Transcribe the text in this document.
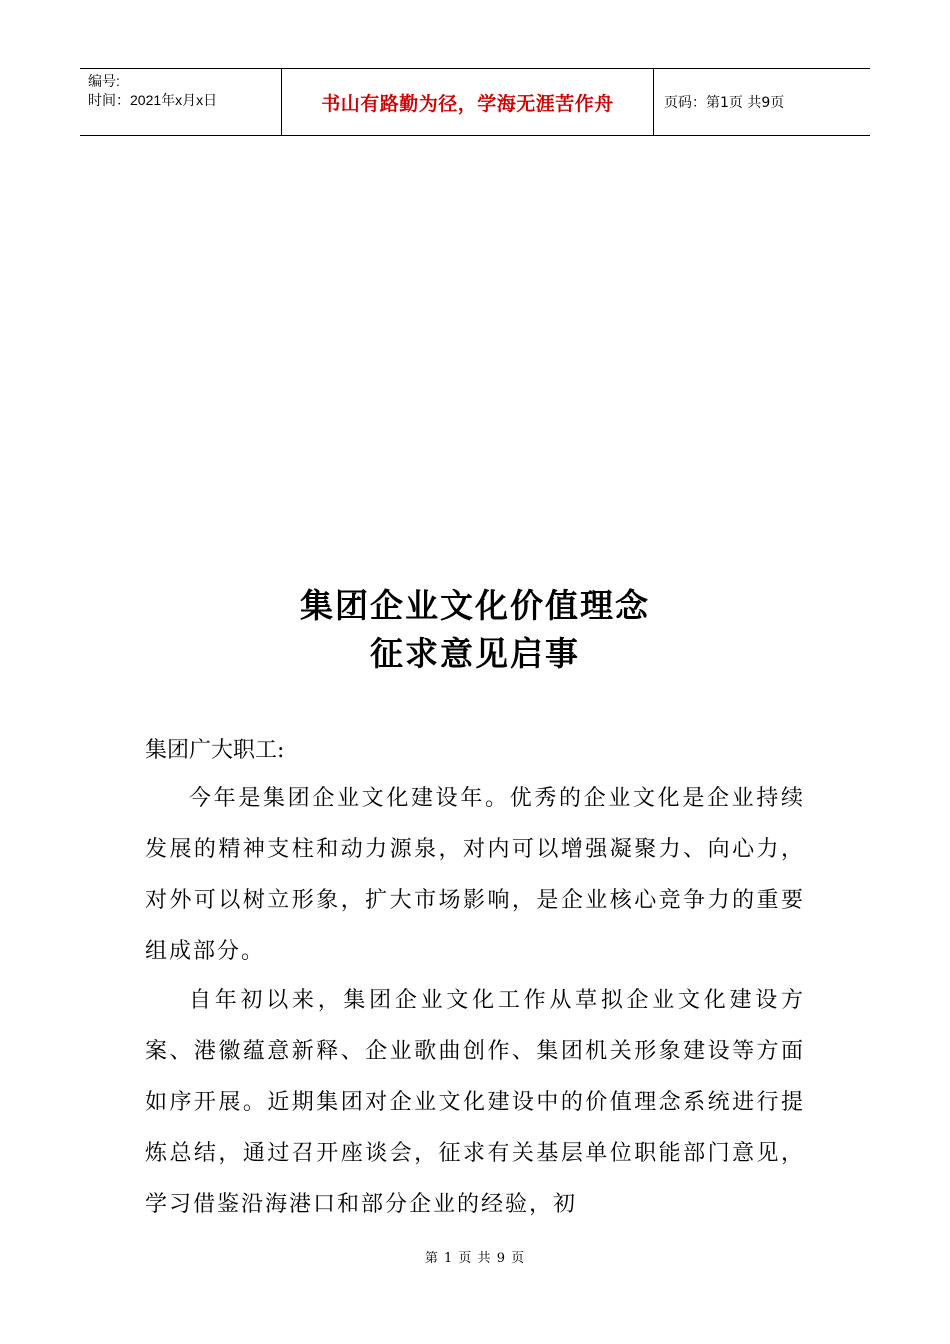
编号:
时间：2021年x月x日	书山有路勤为径，学海无涯苦作舟	页码：第1页 共9页
集团企业文化价值理念
征求意见启事
集团广大职工:

今年是集团企业文化建设年。优秀的企业文化是企业持续发展的精神支柱和动力源泉，对内可以增强凝聚力、向心力，对外可以树立形象，扩大市场影响，是企业核心竞争力的重要组成部分。

自年初以来，集团企业文化工作从草拟企业文化建设方案、港徽蕴意新释、企业歌曲创作、集团机关形象建设等方面如序开展。近期集团对企业文化建设中的价值理念系统进行提炼总结，通过召开座谈会，征求有关基层单位职能部门意见，学习借鉴沿海港口和部分企业的经验，初

第 1 页 共 9 页
